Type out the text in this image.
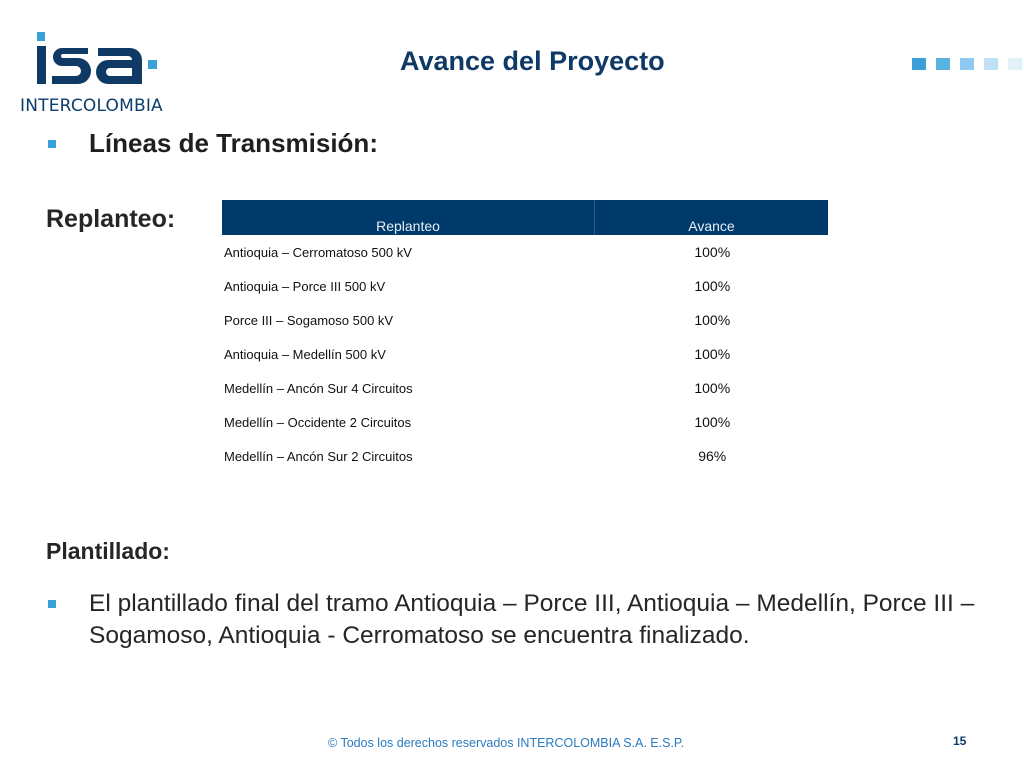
INTERCOLOMBIA
Avance del Proyecto
Líneas de Transmisión:
Replanteo:	Replanteo	Avance
Antioquia – Cerromatoso 500 kV	100%
Antioquia – Porce III 500 kV	100%
Porce III – Sogamoso 500 kV	100%
Antioquia – Medellín 500 kV	100%
Medellín – Ancón Sur 4 Circuitos	100%
Medellín – Occidente 2 Circuitos	100%
Medellín – Ancón Sur 2 Circuitos	96%
Plantillado:
El plantillado final del tramo Antioquia – Porce III, Antioquia – Medellín, Porce III – Sogamoso, Antioquia - Cerromatoso se encuentra finalizado.
© Todos los derechos reservados INTERCOLOMBIA S.A. E.S.P.	15
